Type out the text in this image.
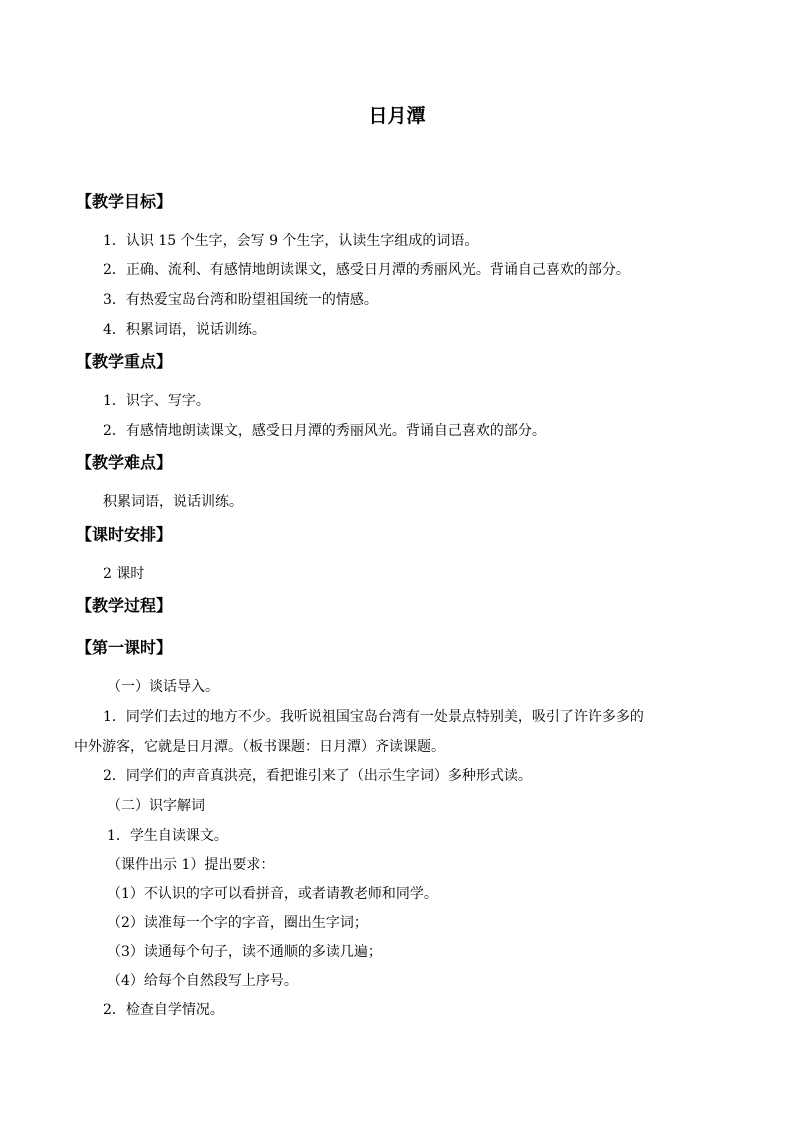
日月潭
【教学目标】
1．认识 15 个生字，会写 9 个生字，认读生字组成的词语。
2．正确、流利、有感情地朗读课文，感受日月潭的秀丽风光。背诵自己喜欢的部分。
3．有热爱宝岛台湾和盼望祖国统一的情感。
4．积累词语，说话训练。
【教学重点】
1．识字、写字。
2．有感情地朗读课文，感受日月潭的秀丽风光。背诵自己喜欢的部分。
【教学难点】
积累词语，说话训练。
【课时安排】
2 课时
【教学过程】
【第一课时】
（一）谈话导入。
1．同学们去过的地方不少。我听说祖国宝岛台湾有一处景点特别美，吸引了许许多多的
中外游客，它就是日月潭。（板书课题：日月潭）齐读课题。
2．同学们的声音真洪亮，看把谁引来了（出示生字词）多种形式读。
（二）识字解词
1．学生自读课文。
（课件出示 1）提出要求：
（1）不认识的字可以看拼音，或者请教老师和同学。
（2）读准每一个字的字音，圈出生字词；
（3）读通每个句子，读不通顺的多读几遍；
（4）给每个自然段写上序号。
2．检查自学情况。
